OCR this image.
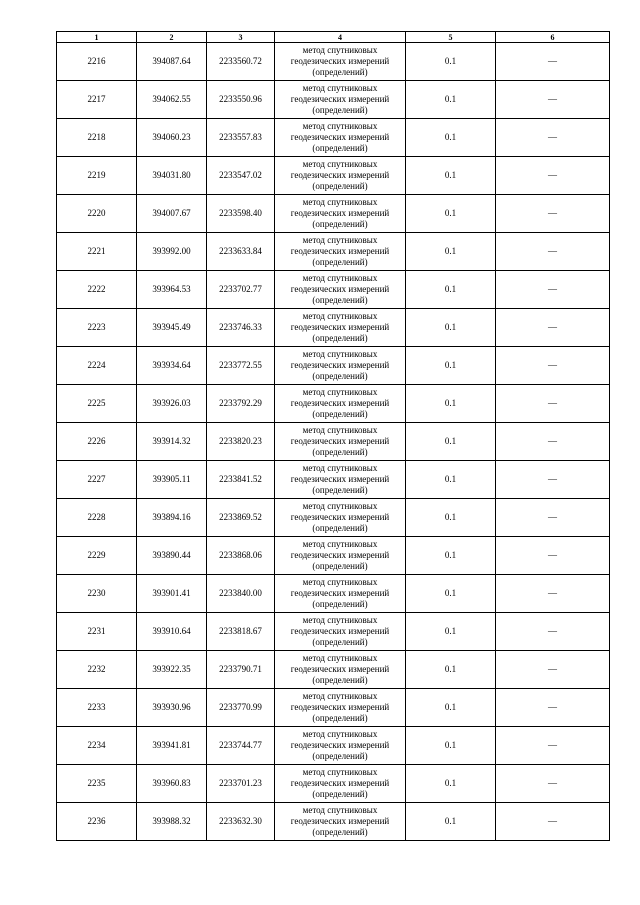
1	2	3	4	5	6
2216	394087.64	2233560.72	метод спутниковых
геодезических измерений
(определений)	0.1	—
2217	394062.55	2233550.96	метод спутниковых
геодезических измерений
(определений)	0.1	—
2218	394060.23	2233557.83	метод спутниковых
геодезических измерений
(определений)	0.1	—
2219	394031.80	2233547.02	метод спутниковых
геодезических измерений
(определений)	0.1	—
2220	394007.67	2233598.40	метод спутниковых
геодезических измерений
(определений)	0.1	—
2221	393992.00	2233633.84	метод спутниковых
геодезических измерений
(определений)	0.1	—
2222	393964.53	2233702.77	метод спутниковых
геодезических измерений
(определений)	0.1	—
2223	393945.49	2233746.33	метод спутниковых
геодезических измерений
(определений)	0.1	—
2224	393934.64	2233772.55	метод спутниковых
геодезических измерений
(определений)	0.1	—
2225	393926.03	2233792.29	метод спутниковых
геодезических измерений
(определений)	0.1	—
2226	393914.32	2233820.23	метод спутниковых
геодезических измерений
(определений)	0.1	—
2227	393905.11	2233841.52	метод спутниковых
геодезических измерений
(определений)	0.1	—
2228	393894.16	2233869.52	метод спутниковых
геодезических измерений
(определений)	0.1	—
2229	393890.44	2233868.06	метод спутниковых
геодезических измерений
(определений)	0.1	—
2230	393901.41	2233840.00	метод спутниковых
геодезических измерений
(определений)	0.1	—
2231	393910.64	2233818.67	метод спутниковых
геодезических измерений
(определений)	0.1	—
2232	393922.35	2233790.71	метод спутниковых
геодезических измерений
(определений)	0.1	—
2233	393930.96	2233770.99	метод спутниковых
геодезических измерений
(определений)	0.1	—
2234	393941.81	2233744.77	метод спутниковых
геодезических измерений
(определений)	0.1	—
2235	393960.83	2233701.23	метод спутниковых
геодезических измерений
(определений)	0.1	—
2236	393988.32	2233632.30	метод спутниковых
геодезических измерений
(определений)	0.1	—
